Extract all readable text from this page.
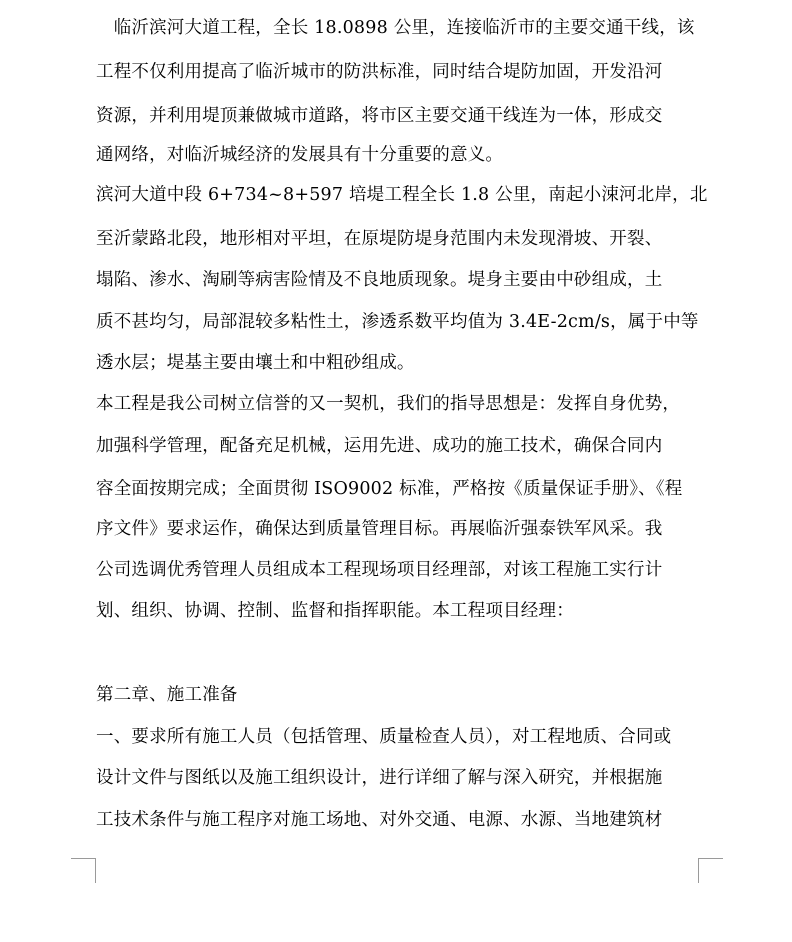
　临沂滨河大道工程，全长 18.0898 公里，连接临沂市的主要交通干线，该
工程不仅利用提高了临沂城市的防洪标准，同时结合堤防加固，开发沿河
资源，并利用堤顶兼做城市道路，将市区主要交通干线连为一体，形成交
通网络，对临沂城经济的发展具有十分重要的意义。
滨河大道中段 6+734~8+597 培堤工程全长 1.8 公里，南起小涑河北岸，北
至沂蒙路北段，地形相对平坦，在原堤防堤身范围内未发现滑坡、开裂、
塌陷、渗水、淘刷等病害险情及不良地质现象。堤身主要由中砂组成，土
质不甚均匀，局部混较多粘性土，渗透系数平均值为 3.4E-2cm/s，属于中等
透水层；堤基主要由壤土和中粗砂组成。
本工程是我公司树立信誉的又一契机，我们的指导思想是：发挥自身优势，
加强科学管理，配备充足机械，运用先进、成功的施工技术，确保合同内
容全面按期完成；全面贯彻 ISO9002 标准，严格按《质量保证手册》、《程
序文件》要求运作，确保达到质量管理目标。再展临沂强泰铁军风采。我
公司选调优秀管理人员组成本工程现场项目经理部，对该工程施工实行计
划、组织、协调、控制、监督和指挥职能。本工程项目经理：
第二章、施工准备
一、要求所有施工人员（包括管理、质量检查人员），对工程地质、合同或
设计文件与图纸以及施工组织设计，进行详细了解与深入研究，并根据施
工技术条件与施工程序对施工场地、对外交通、电源、水源、当地建筑材
